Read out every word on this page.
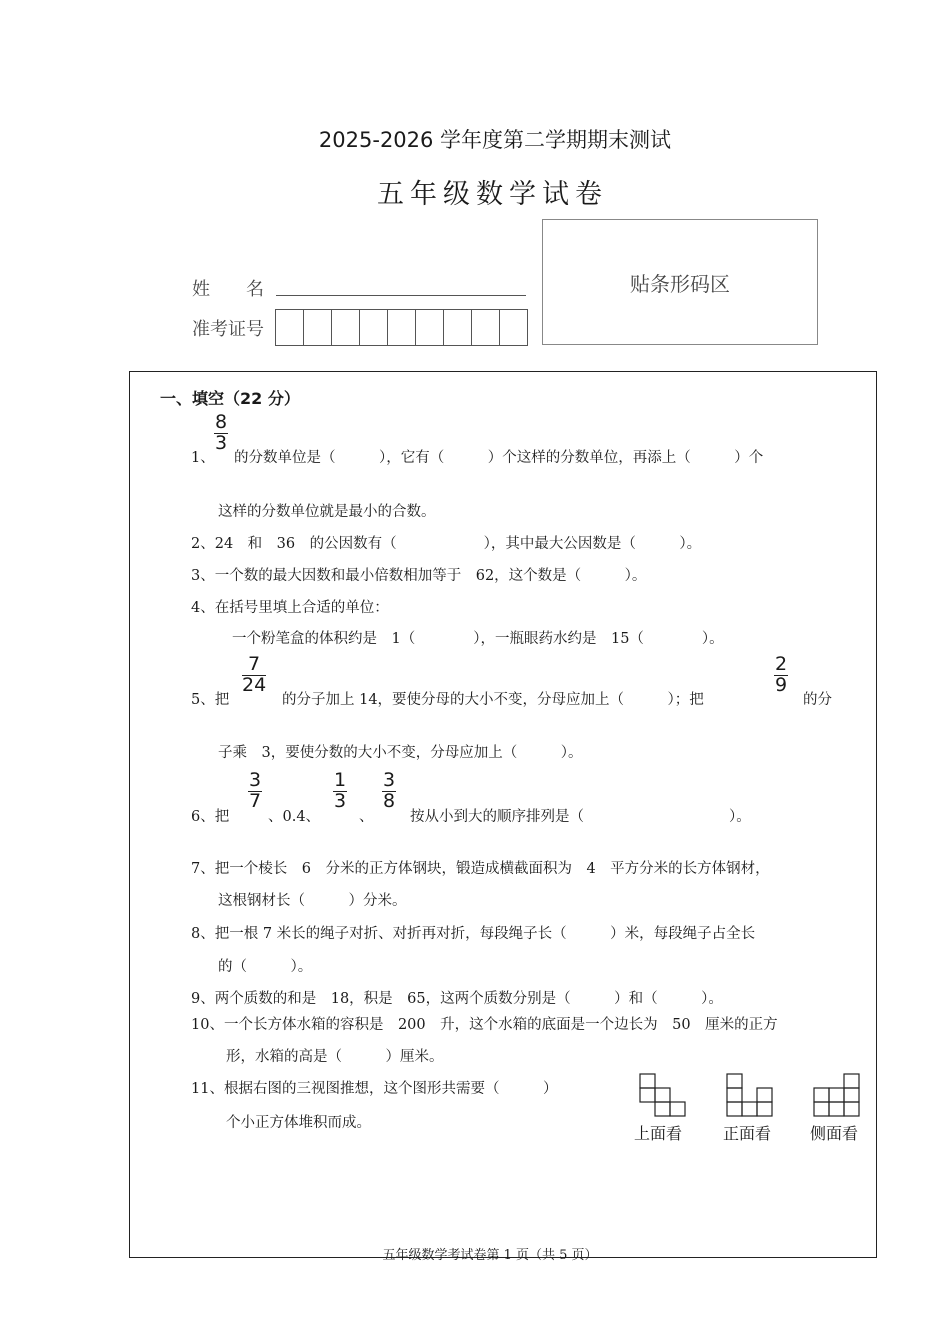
2025-2026 学年度第二学期期末测试
五年级数学试卷
姓　　名
准考证号
贴条形码区
一、填空（22 分）
$\frac{8}{3}$
1、 的分数单位是（　　　），它有（　　　）个这样的分数单位，再添上（　　　）个
这样的分数单位就是最小的合数。
2、24　和　36　的公因数有（　　　　　　），其中最大公因数是（　　　）。
3、一个数的最大因数和最小倍数相加等于　62，这个数是（　　　）。
4、在括号里填上合适的单位：
一个粉笔盒的体积约是　1（　　　　），一瓶眼药水约是　15（　　　　）。
5、把
$\frac{7}{24}$
的分子加上 14，要使分母的大小不变，分母应加上（　　　）；把
$\frac{2}{9}$
的分
子乘　3，要使分数的大小不变，分母应加上（　　　）。
6、把
$\frac{3}{7}$
、0.4、
$\frac{1}{3}$
、
$\frac{3}{8}$
按从小到大的顺序排列是（　　　　　　　　　　）。
7、把一个棱长　6　分米的正方体钢块，锻造成横截面积为　4　平方分米的长方体钢材，
这根钢材长（　　　）分米。
8、把一根 7 米长的绳子对折、对折再对折，每段绳子长（　　　）米，每段绳子占全长
的（　　　）。
9、两个质数的和是　18，积是　65，这两个质数分别是（　　　）和（　　　）。
10、一个长方体水箱的容积是　200　升，这个水箱的底面是一个边长为　50　厘米的正方
形，水箱的高是（　　　）厘米。
11、根据右图的三视图推想，这个图形共需要（　　　）
个小正方体堆积而成。
上面看	正面看 侧面看
五年级数学考试卷第 1 页（共 5 页）
